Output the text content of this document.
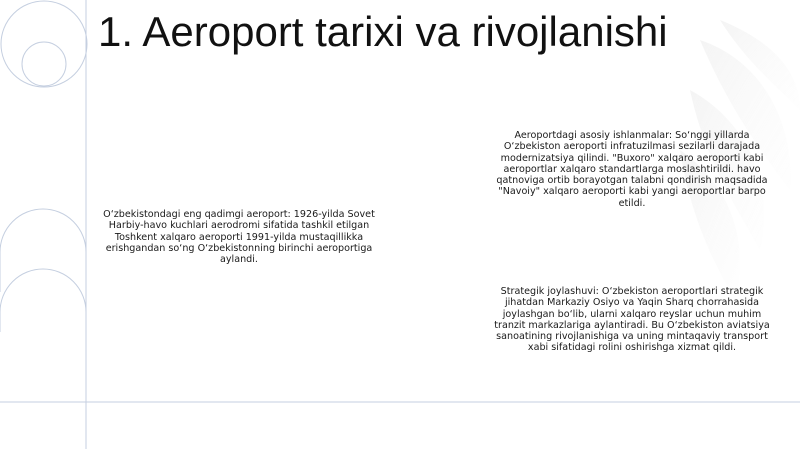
1. Aeroport tarixi va rivojlanishi

O‘zbekistondagi eng qadimgi aeroport: 1926-yilda Sovet Harbiy-havo kuchlari aerodromi sifatida tashkil etilgan Toshkent xalqaro aeroporti 1991-yilda mustaqillikka erishgandan so‘ng O‘zbekistonning birinchi aeroportiga aylandi.

Aeroportdagi asosiy ishlanmalar: So‘nggi yillarda O‘zbekiston aeroporti infratuzilmasi sezilarli darajada modernizatsiya qilindi. "Buxoro" xalqaro aeroporti kabi aeroportlar xalqaro standartlarga moslashtirildi. havo qatnoviga ortib borayotgan talabni qondirish maqsadida "Navoiy" xalqaro aeroporti kabi yangi aeroportlar barpo etildi.

Strategik joylashuvi: O‘zbekiston aeroportlari strategik jihatdan Markaziy Osiyo va Yaqin Sharq chorrahasida joylashgan bo‘lib, ularni xalqaro reyslar uchun muhim tranzit markazlariga aylantiradi. Bu O‘zbekiston aviatsiya sanoatining rivojlanishiga va uning mintaqaviy transport xabi sifatidagi rolini oshirishga xizmat qildi.
